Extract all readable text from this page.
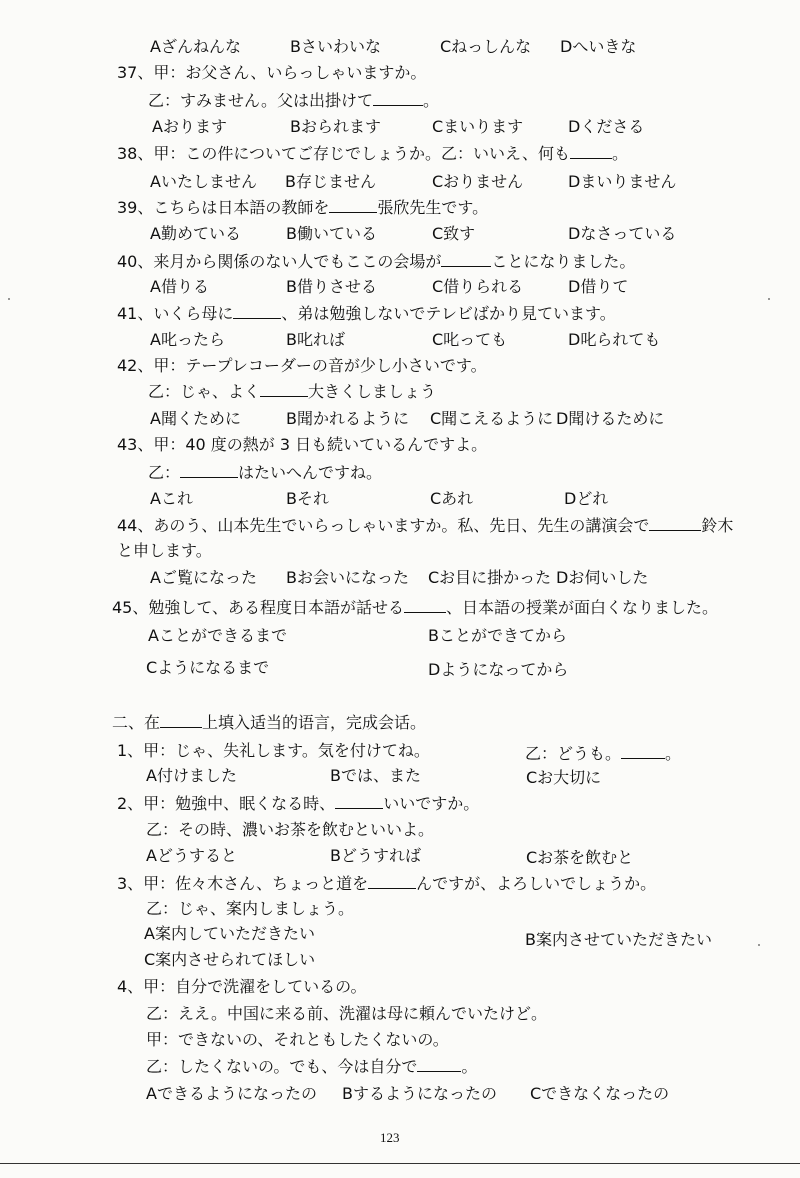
Aざんねんな	Bさいわいな	Cねっしんな Dへいきな
37、甲：お父さん、いらっしゃいますか。
乙：すみません。父は出掛けて	。
Aおります	Bおられます	Cまいります	Dくださる
38、甲：この件についてご存じでしょうか。乙：いいえ、何も	。
Aいたしません B存じません	Cおりません	Dまいりません
39、こちらは日本語の教師を	張欣先生です。
A勤めている	B働いている	C致す	Dなさっている
40、来月から関係のない人でもここの会場が	ことになりました。
A借りる	B借りさせる	C借りられる	D借りて
41、いくら母に	、弟は勉強しないでテレビばかり見ています。
A叱ったら	B叱れば	C叱っても	D叱られても
42、甲：テープレコーダーの音が少し小さいです。
乙：じゃ、よく	大きくしましょう
A聞くために	B聞かれるように C聞こえるように D聞けるために
43、甲：40 度の熱が 3 日も続いているんですよ。
乙：	はたいへんですね。
Aこれ	Bそれ	Cあれ	Dどれ
44、あのう、山本先生でいらっしゃいますか。私、先日、先生の講演会で	鈴木
と申します。
Aご覧になった Bお会いになった Cお目に掛かった Dお伺いした
45、勉強して、ある程度日本語が話せる	、日本語の授業が面白くなりました。
Aことができるまで	Bことができてから
Cようになるまで	Dようになってから
二、在	上填入适当的语言，完成会话。
1、甲：じゃ、失礼します。気を付けてね。	乙：どうも。	。
A付けました	Bでは、また	Cお大切に
2、甲：勉強中、眠くなる時、	いいですか。
乙：その時、濃いお茶を飲むといいよ。
Aどうすると	Bどうすれば	Cお茶を飲むと
3、甲：佐々木さん、ちょっと道を	んですが、よろしいでしょうか。
乙：じゃ、案内しましょう。
A案内していただきたい	B案内させていただきたい
C案内させられてほしい
4、甲：自分で洗濯をしているの。
乙：ええ。中国に来る前、洗濯は母に頼んでいたけど。
甲：できないの、それともしたくないの。
乙：したくないの。でも、今は自分で	。
Aできるようになったの Bするようになったの Cできなくなったの
123
